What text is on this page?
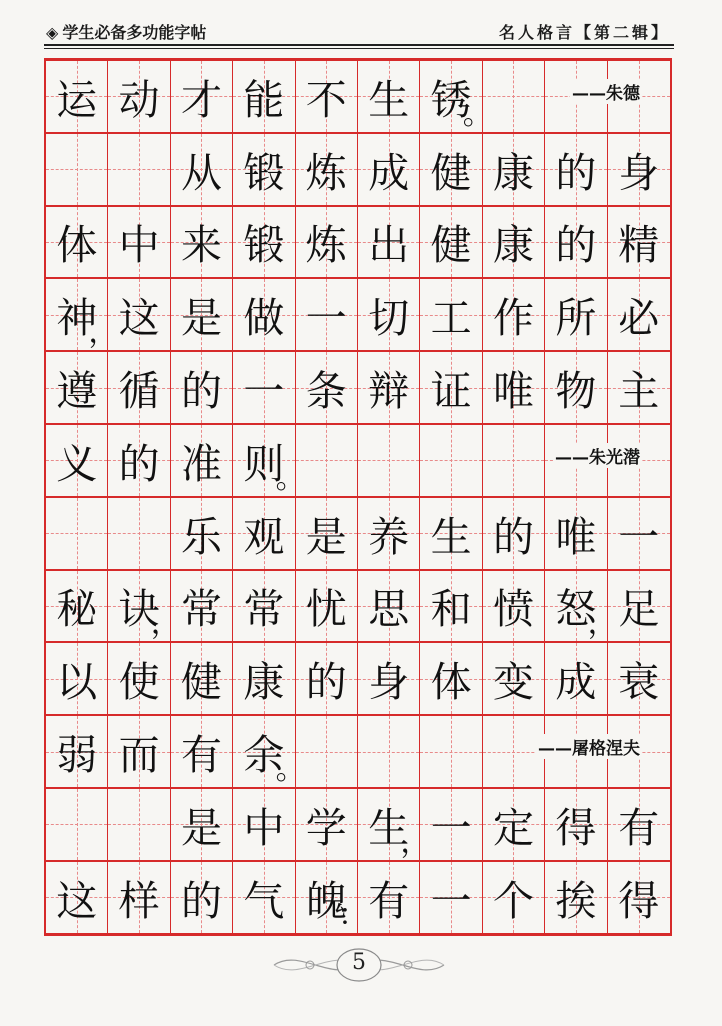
◈ 学生必备多功能字帖	名人格言【第二辑】
运 动 才 能 不 生 锈
。
——朱德
从 锻 炼 成 健 康 的 身
体 中 来 锻 炼 出 健 康 的 精
神 这 是 做 一 切 工 作 所 必
，
遵 循 的 一 条 辩 证 唯 物 主
义 的 准 则
。
——朱光潜
乐 观 是 养 生 的 唯 一
秘 诀 常 常 忧 思 和 愤 怒 足
，	，
以 使 健 康 的 身 体 变 成 衰
弱 而 有 余
。
——屠格涅夫
是 中 学 生 一 定 得 有
，
这 样 的 气 魄 有 一 个 挨 得
：
5
